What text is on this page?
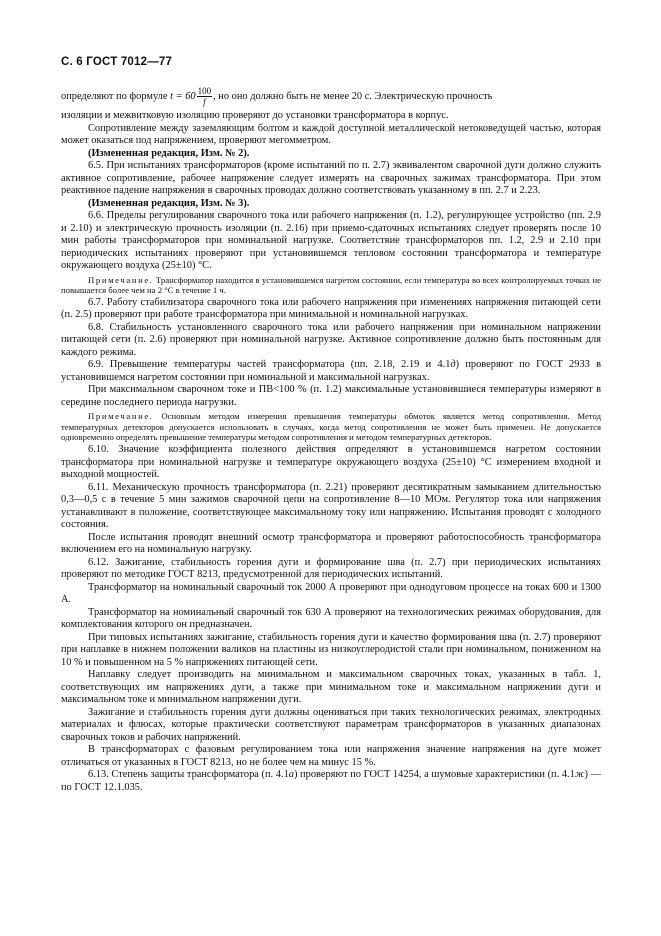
С. 6 ГОСТ 7012—77

определяют по формуле $t = 60 \frac{100}{f}$ , но оно должно быть не менее 20 с. Электрическую прочность

изоляции и межвитковую изоляцию проверяют до установки трансформатора в корпус.

Сопротивление между заземляющим болтом и каждой доступной металлической нетоковедущей частью, которая может оказаться под напряжением, проверяют мегомметром.

(Измененная редакция, Изм. № 2).

6.5. При испытаниях трансформаторов (кроме испытаний по п. 2.7) эквивалентом сварочной дуги должно служить активное сопротивление, рабочее напряжение следует измерять на сварочных зажимах трансформатора. При этом реактивное падение напряжения в сварочных проводах должно соответствовать указанному в пп. 2.7 и 2.23.

(Измененная редакция, Изм. № 3).

6.6. Пределы регулирования сварочного тока или рабочего напряжения (п. 1.2), регулирующее устройство (пп. 2.9 и 2.10) и электрическую прочность изоляции (п. 2.16) при приемо-сдаточных испытаниях следует проверять после 10 мин работы трансформаторов при номинальной нагрузке. Соответствие трансформаторов пп. 1.2, 2.9 и 2.10 при периодических испытаниях проверяют при установившемся тепловом состоянии трансформатора и температуре окружающего воздуха (25±10) °С.

Примечание. Трансформатор находится в установившемся нагретом состоянии, если температура во всех контролируемых точках не повышается более чем на 2 °С в течение 1 ч.

6.7. Работу стабилизатора сварочного тока или рабочего напряжения при изменениях напряжения питающей сети (п. 2.5) проверяют при работе трансформатора при минимальной и номинальной нагрузках.

6.8. Стабильность установленного сварочного тока или рабочего напряжения при номинальном напряжении питающей сети (п. 2.6) проверяют при номинальной нагрузке. Активное сопротивление должно быть постоянным для каждого режима.

6.9. Превышение температуры частей трансформатора (пп. 2.18, 2.19 и 4.1д) проверяют по ГОСТ 2933 в установившемся нагретом состоянии при номинальной и максимальной нагрузках.

При максимальном сварочном токе и ПВ<100 % (п. 1.2) максимальные установившиеся температуры измеряют в середине последнего периода нагрузки.

Примечание. Основным методом измерения превышения температуры обмоток является метод сопротивления. Метод температурных детекторов допускается использовать в случаях, когда метод сопротивления не может быть применен. Не допускается одновременно определять превышение температуры методом сопротивления и методом температурных детекторов.

6.10. Значение коэффициента полезного действия определяют в установившемся нагретом состоянии трансформатора при номинальной нагрузке и температуре окружающего воздуха (25±10) °С измерением входной и выходной мощностей.

6.11. Механическую прочность трансформатора (п. 2.21) проверяют десятикратным замыканием длительностью 0,3—0,5 с в течение 5 мин зажимов сварочной цепи на сопротивление 8—10 МОм. Регулятор тока или напряжения устанавливают в положение, соответствующее максимальному току или напряжению. Испытания проводят с холодного состояния.

После испытания проводят внешний осмотр трансформатора и проверяют работоспособность трансформатора включением его на номинальную нагрузку.

6.12. Зажигание, стабильность горения дуги и формирование шва (п. 2.7) при периодических испытаниях проверяют по методике ГОСТ 8213, предусмотренной для периодических испытаний.

Трансформатор на номинальный сварочный ток 2000 А проверяют при однодуговом процессе на токах 600 и 1300 А.

Трансформатор на номинальный сварочный ток 630 А проверяют на технологических режимах оборудования, для комплектования которого он предназначен.

При типовых испытаниях зажигание, стабильность горения дуги и качество формирования шва (п. 2.7) проверяют при наплавке в нижнем положении валиков на пластины из низкоуглеродистой стали при номинальном, пониженном на 10 % и повышенном на 5 % напряжениях питающей сети.

Наплавку следует производить на минимальном и максимальном сварочных токах, указанных в табл. 1, соответствующих им напряжениях дуги, а также при минимальном токе и максимальном напряжении дуги и максимальном токе и минимальном напряжении дуги.

Зажигание и стабильность горения дуги должны оцениваться при таких технологических режимах, электродных материалах и флюсах, которые практически соответствуют параметрам трансформаторов в указанных диапазонах сварочных токов и рабочих напряжений.

В трансформаторах с фазовым регулированием тока или напряжения значение напряжения на дуге может отличаться от указанных в ГОСТ 8213, но не более чем на минус 15 %.

6.13. Степень защиты трансформатора (п. 4.1а) проверяют по ГОСТ 14254, а шумовые характеристики (п. 4.1ж) — по ГОСТ 12.1.035.
